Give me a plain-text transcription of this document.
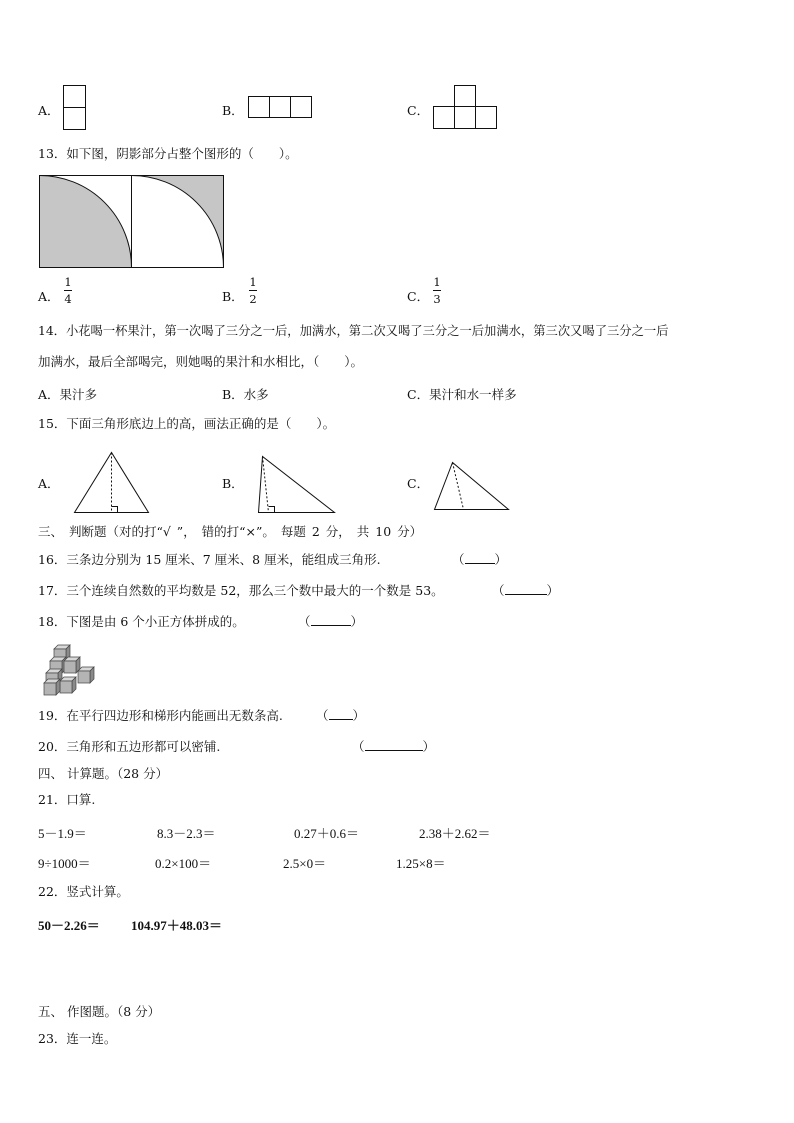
A．	B．	C．
13．如下图，阴影部分占整个图形的（　　）。
A．
1
4	B．
1
2	C．
1
3
14．小花喝一杯果汁，第一次喝了三分之一后，加满水，第二次又喝了三分之一后加满水，第三次又喝了三分之一后
加满水，最后全部喝完，则她喝的果汁和水相比，（　　）。
A．果汁多	B．水多	C．果汁和水一样多
15．下面三角形底边上的高，画法正确的是（　　）。
A．	B．	C．
三、 判断题（对的打“√ ”， 错的打“×”。 每题 2 分， 共 10 分）
16．三条边分别为 15 厘米、7 厘米、8 厘米，能组成三角形.	（ ）
17．三个连续自然数的平均数是 52，那么三个数中最大的一个数是 53。	（	）
18．下图是由 6 个小正方体拼成的。	（	）
19．在平行四边形和梯形内能画出无数条高.	（ ）
20．三角形和五边形都可以密铺.	（	）
四、 计算题。（28 分）
21．口算.
5－1.9＝	8.3－2.3＝	0.27＋0.6＝	2.38＋2.62＝
9÷1000＝	0.2×100＝	2.5×0＝	1.25×8＝
22．竖式计算。
50－2.26＝ 104.97＋48.03＝
五、 作图题。（8 分）
23．连一连。
